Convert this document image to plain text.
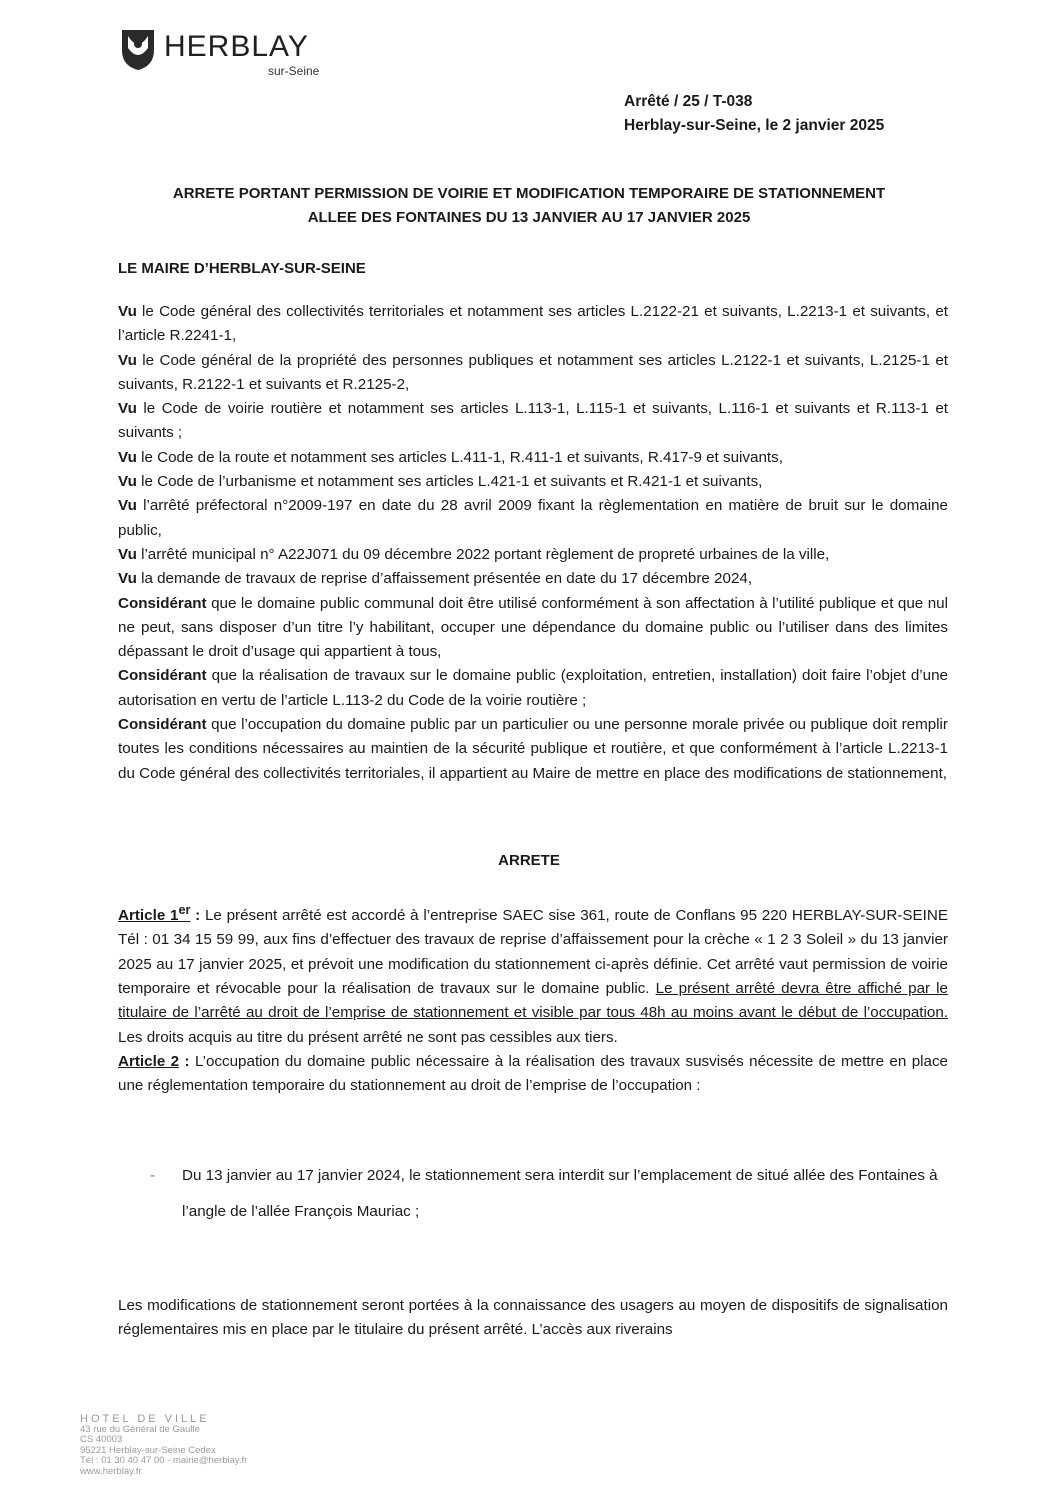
HERBLAY
sur-Seine
Arrêté / 25 / T-038
Herblay-sur-Seine, le 2 janvier 2025
ARRETE PORTANT PERMISSION DE VOIRIE ET MODIFICATION TEMPORAIRE DE STATIONNEMENT
ALLEE DES FONTAINES DU 13 JANVIER AU 17 JANVIER 2025
LE MAIRE D’HERBLAY-SUR-SEINE

Vu le Code général des collectivités territoriales et notamment ses articles L.2122-21 et suivants, L.2213-1 et suivants, et l’article R.2241-1,

Vu le Code général de la propriété des personnes publiques et notamment ses articles L.2122-1 et suivants, L.2125-1 et suivants, R.2122-1 et suivants et R.2125-2,

Vu le Code de voirie routière et notamment ses articles L.113-1, L.115-1 et suivants, L.116-1 et suivants et R.113-1 et suivants ;

Vu le Code de la route et notamment ses articles L.411-1, R.411-1 et suivants, R.417-9 et suivants,

Vu le Code de l’urbanisme et notamment ses articles L.421-1 et suivants et R.421-1 et suivants,

Vu l’arrêté préfectoral n°2009-197 en date du 28 avril 2009 fixant la règlementation en matière de bruit sur le domaine public,

Vu l’arrêté municipal n° A22J071 du 09 décembre 2022 portant règlement de propreté urbaines de la ville,

Vu la demande de travaux de reprise d’affaissement présentée en date du 17 décembre 2024,

Considérant que le domaine public communal doit être utilisé conformément à son affectation à l’utilité publique et que nul ne peut, sans disposer d’un titre l’y habilitant, occuper une dépendance du domaine public ou l’utiliser dans des limites dépassant le droit d’usage qui appartient à tous,

Considérant que la réalisation de travaux sur le domaine public (exploitation, entretien, installation) doit faire l’objet d’une autorisation en vertu de l’article L.113-2 du Code de la voirie routière ;

Considérant que l’occupation du domaine public par un particulier ou une personne morale privée ou publique doit remplir toutes les conditions nécessaires au maintien de la sécurité publique et routière, et que conformément à l’article L.2213-1 du Code général des collectivités territoriales, il appartient au Maire de mettre en place des modifications de stationnement,

ARRETE

Article 1er : Le présent arrêté est accordé à l’entreprise SAEC sise 361, route de Conflans 95 220 HERBLAY-SUR-SEINE Tél : 01 34 15 59 99, aux fins d’effectuer des travaux de reprise d’affaissement pour la crèche « 1 2 3 Soleil » du 13 janvier 2025 au 17 janvier 2025, et prévoit une modification du stationnement ci-après définie. Cet arrêté vaut permission de voirie temporaire et révocable pour la réalisation de travaux sur le domaine public. Le présent arrêté devra être affiché par le titulaire de l’arrêté au droit de l’emprise de stationnement et visible par tous 48h au moins avant le début de l’occupation. Les droits acquis au titre du présent arrêté ne sont pas cessibles aux tiers.

Article 2 : L’occupation du domaine public nécessaire à la réalisation des travaux susvisés nécessite de mettre en place une réglementation temporaire du stationnement au droit de l’emprise de l’occupation :

- Du 13 janvier au 17 janvier 2024, le stationnement sera interdit sur l’emplacement de situé allée des Fontaines à l’angle de l’allée François Mauriac ;

Les modifications de stationnement seront portées à la connaissance des usagers au moyen de dispositifs de signalisation réglementaires mis en place par le titulaire du présent arrêté. L’accès aux riverains

HOTEL DE VILLE
43 rue du Général de Gaulle
CS 40003
95221 Herblay-sur-Seine Cedex
Tél : 01 30 40 47 00 - mairie@herblay.fr
www.herblay.fr
